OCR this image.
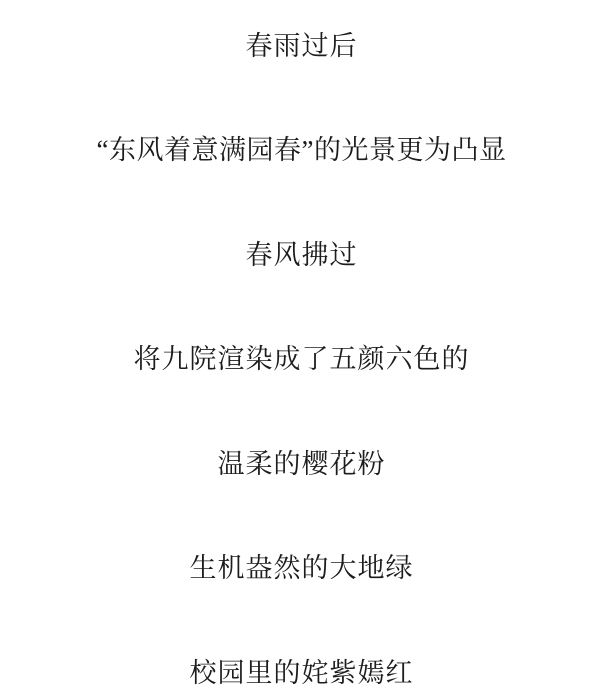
春雨过后

“东风着意满园春”的光景更为凸显

春风拂过

将九院渲染成了五颜六色的

温柔的樱花粉

生机盎然的大地绿

校园里的姹紫嫣红
